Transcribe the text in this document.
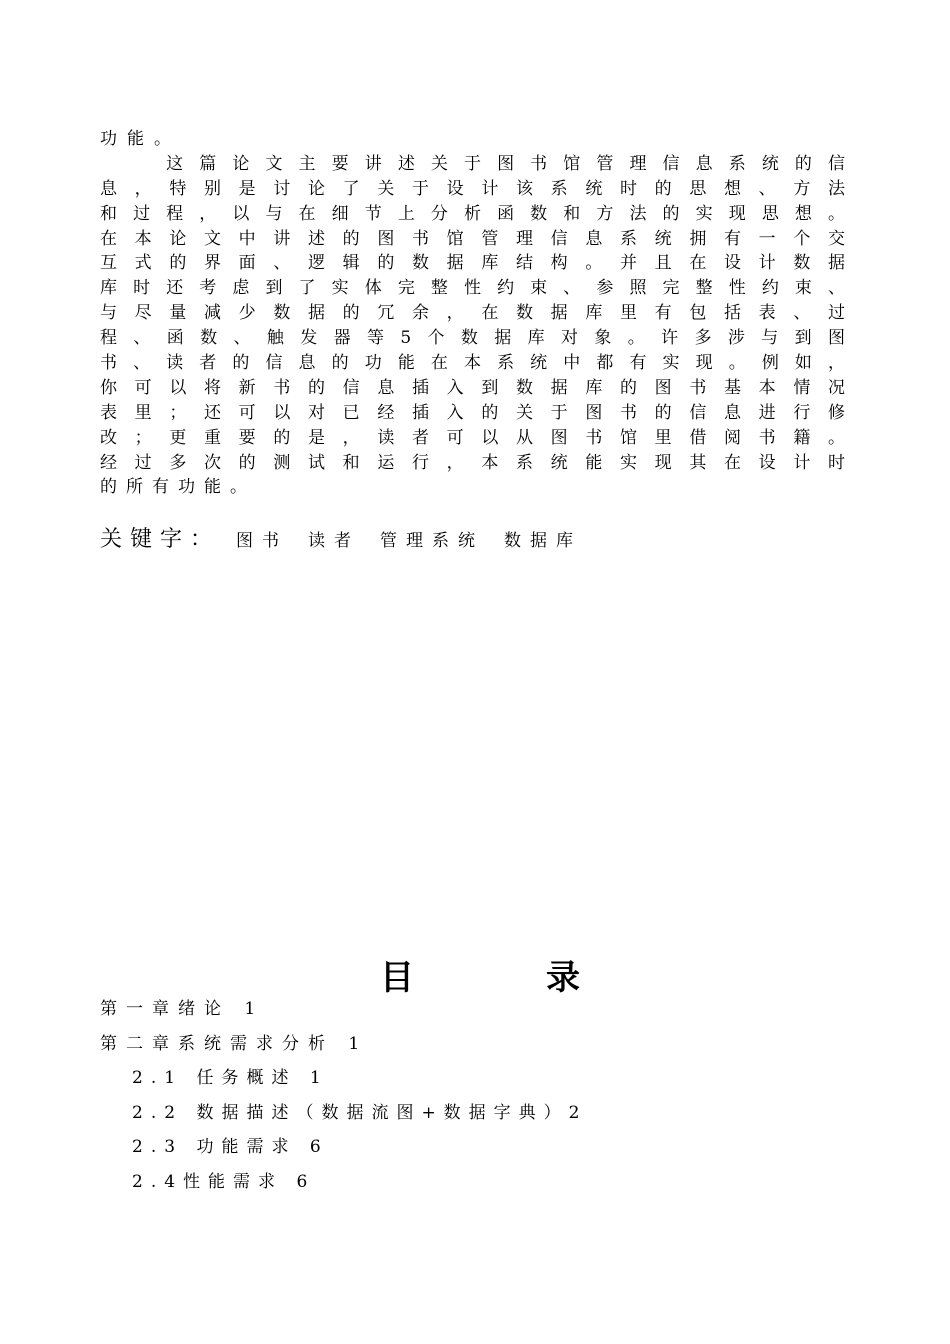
功能。
　　这篇论文主要讲述关于图书馆管理信息系统的信
息，特别是讨论了关于设计该系统时的思想、方法
和过程，以与在细节上分析函数和方法的实现思想。
在本论文中讲述的图书馆管理信息系统拥有一个交
互式的界面、逻辑的数据库结构。并且在设计数据
库时还考虑到了实体完整性约束、参照完整性约束、
与尽量减少数据的冗余，在数据库里有包括表、过
程、函数、触发器等5个数据库对象。许多涉与到图
书、读者的信息的功能在本系统中都有实现。例如，
你可以将新书的信息插入到数据库的图书基本情况
表里；还可以对已经插入的关于图书的信息进行修
改；更重要的是，读者可以从图书馆里借阅书籍。
经过多次的测试和运行，本系统能实现其在设计时
的所有功能。
关键字： 图书 读者 管理系统 数据库
目	录
第一章绪论 1
第二章系统需求分析 1
2.1 任务概述 1
2.2 数据描述（数据流图+数据字典）2
2.3 功能需求 6
2.4性能需求 6
